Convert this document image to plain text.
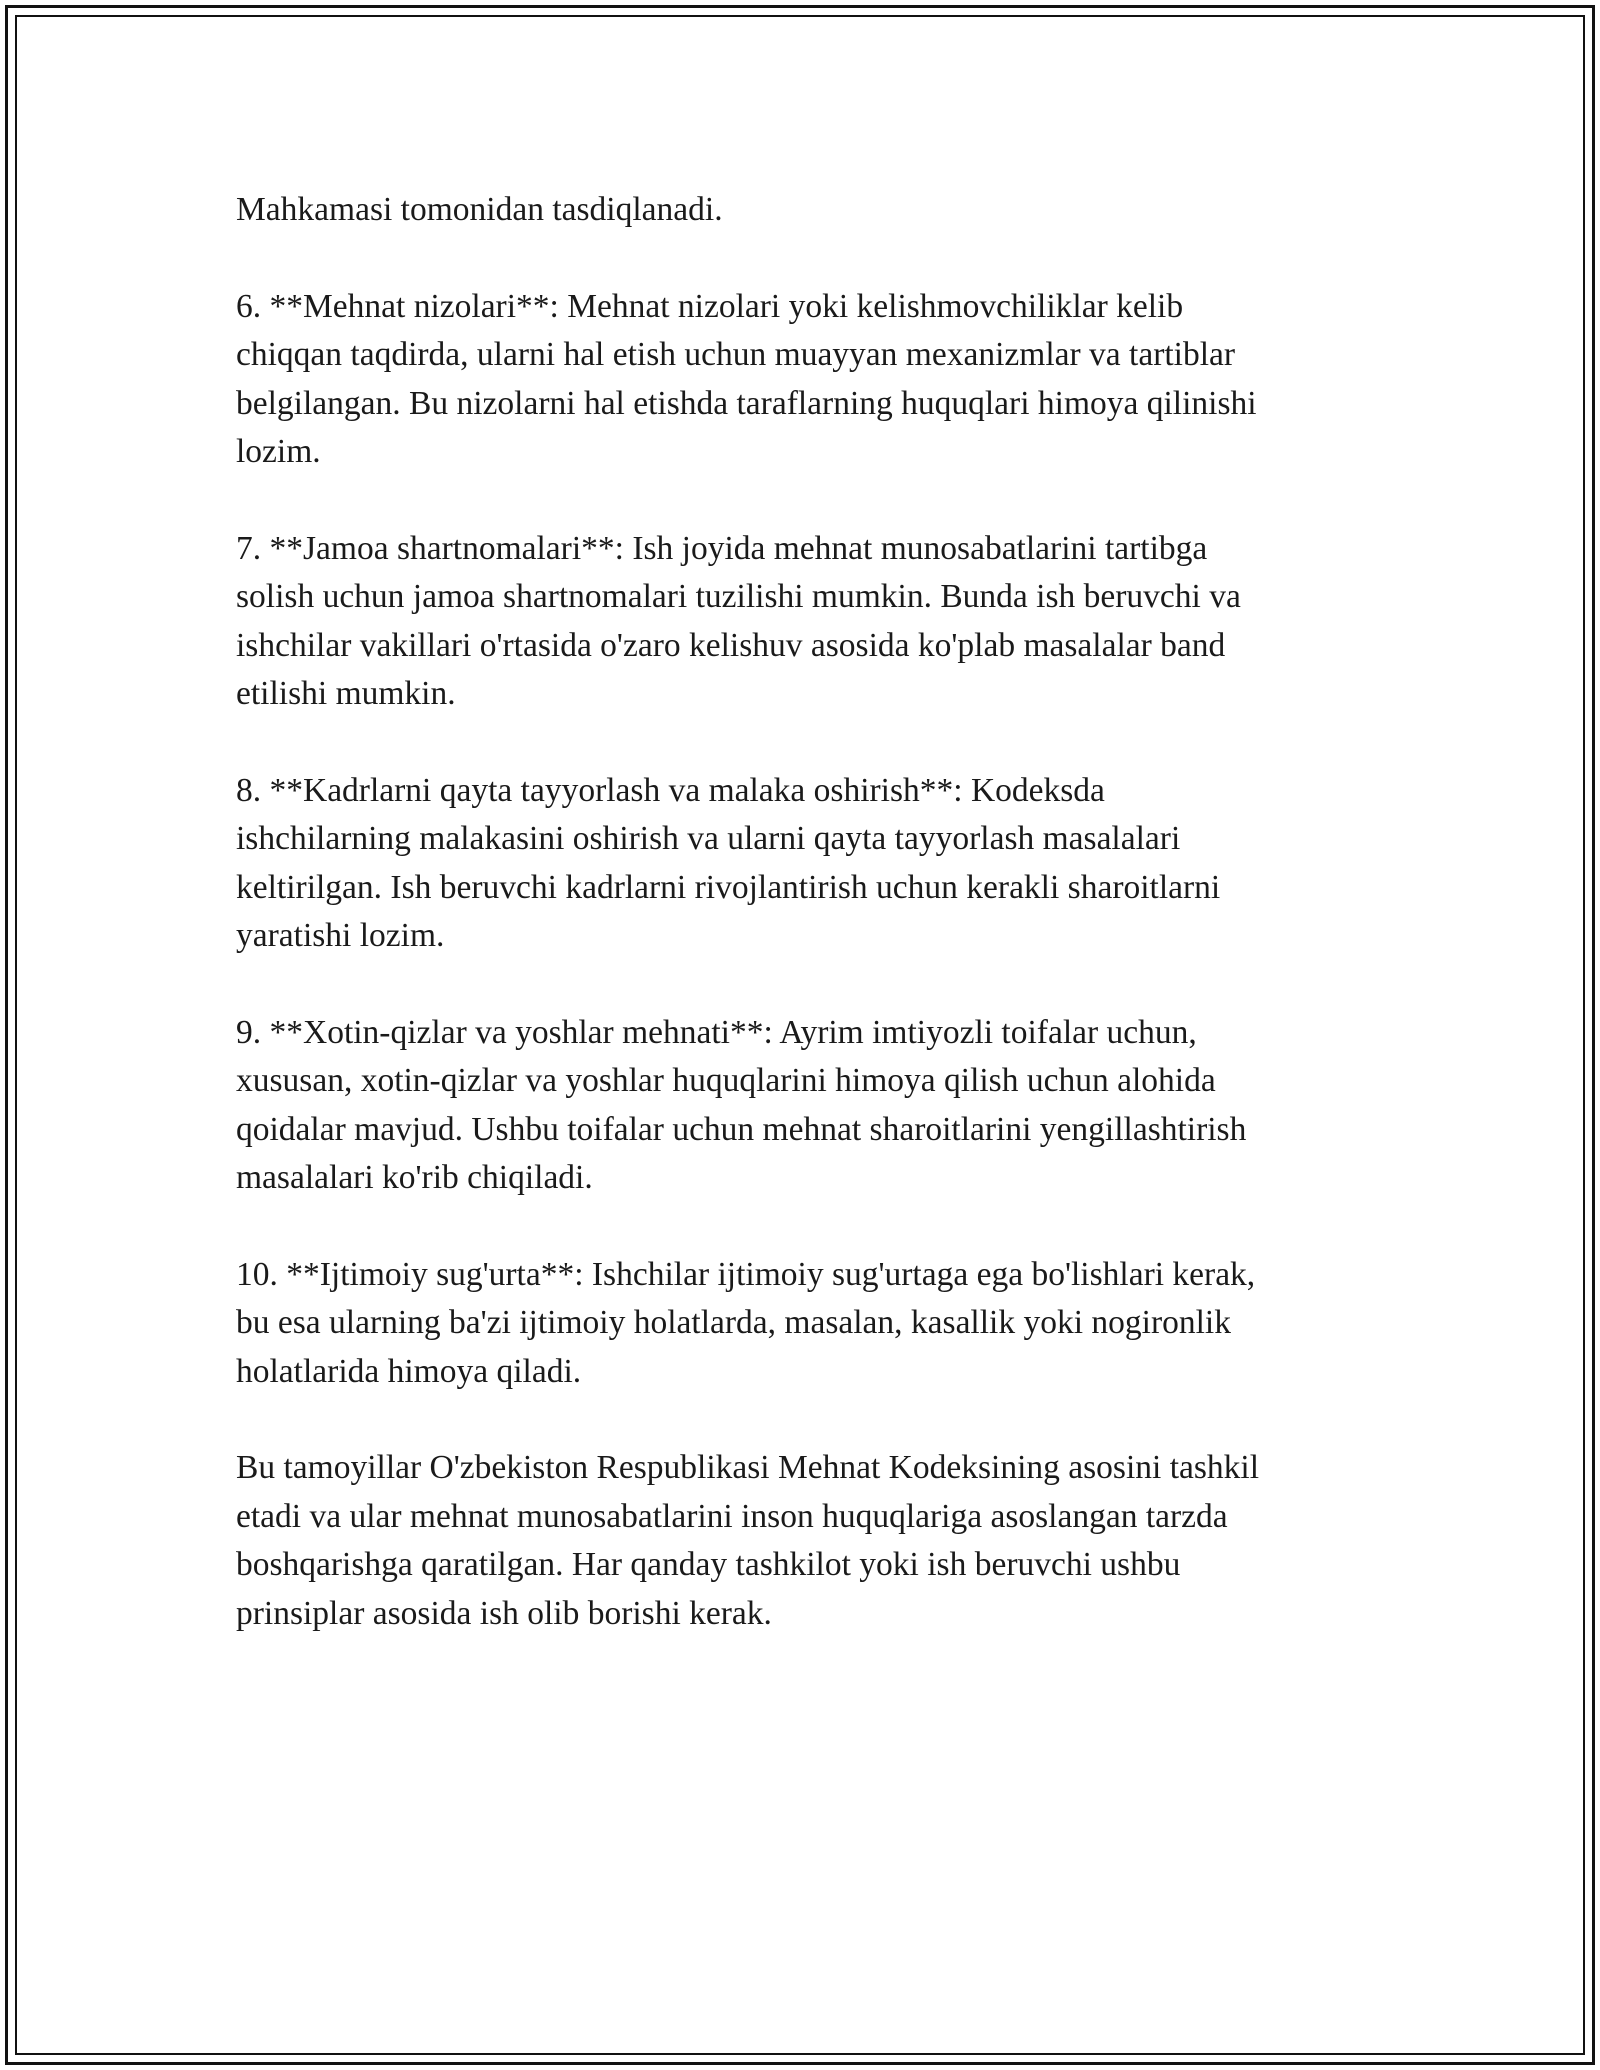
Mahkamasi tomonidan tasdiqlanadi.

6. **Mehnat nizolari**: Mehnat nizolari yoki kelishmovchiliklar kelib
chiqqan taqdirda, ularni hal etish uchun muayyan mexanizmlar va tartiblar
belgilangan. Bu nizolarni hal etishda taraflarning huquqlari himoya qilinishi
lozim.

7. **Jamoa shartnomalari**: Ish joyida mehnat munosabatlarini tartibga
solish uchun jamoa shartnomalari tuzilishi mumkin. Bunda ish beruvchi va
ishchilar vakillari o'rtasida o'zaro kelishuv asosida ko'plab masalalar band
etilishi mumkin.

8. **Kadrlarni qayta tayyorlash va malaka oshirish**: Kodeksda
ishchilarning malakasini oshirish va ularni qayta tayyorlash masalalari
keltirilgan. Ish beruvchi kadrlarni rivojlantirish uchun kerakli sharoitlarni
yaratishi lozim.

9. **Xotin-qizlar va yoshlar mehnati**: Ayrim imtiyozli toifalar uchun,
xususan, xotin-qizlar va yoshlar huquqlarini himoya qilish uchun alohida
qoidalar mavjud. Ushbu toifalar uchun mehnat sharoitlarini yengillashtirish
masalalari ko'rib chiqiladi.

10. **Ijtimoiy sug'urta**: Ishchilar ijtimoiy sug'urtaga ega bo'lishlari kerak,
bu esa ularning ba'zi ijtimoiy holatlarda, masalan, kasallik yoki nogironlik
holatlarida himoya qiladi.

Bu tamoyillar O'zbekiston Respublikasi Mehnat Kodeksining asosini tashkil
etadi va ular mehnat munosabatlarini inson huquqlariga asoslangan tarzda
boshqarishga qaratilgan. Har qanday tashkilot yoki ish beruvchi ushbu
prinsiplar asosida ish olib borishi kerak.
